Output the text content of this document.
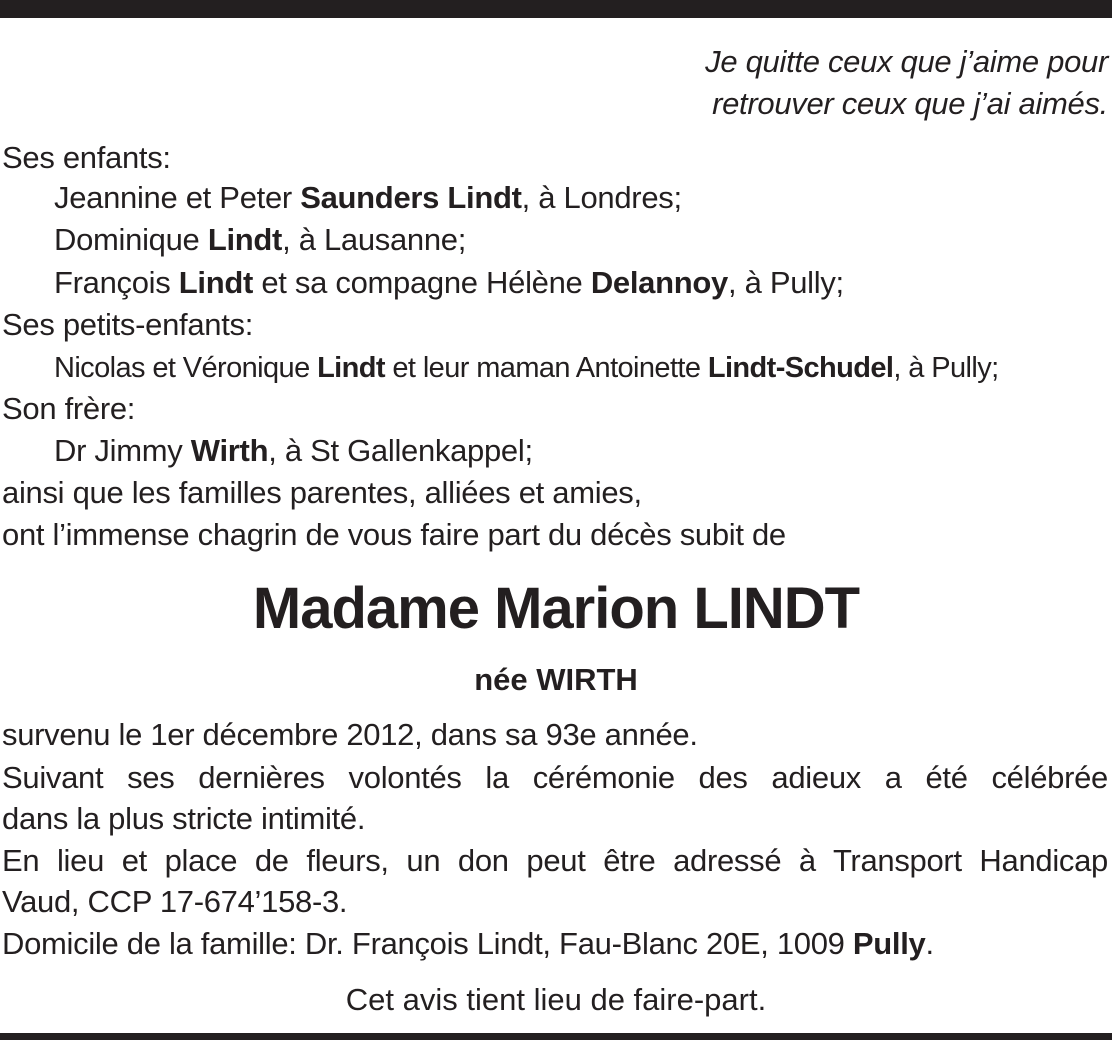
Je quitte ceux que j’aime pour
retrouver ceux que j’ai aimés.
Ses enfants:
Jeannine et Peter Saunders Lindt, à Londres;
Dominique Lindt, à Lausanne;
François Lindt et sa compagne Hélène Delannoy, à Pully;
Ses petits-enfants:
Nicolas et Véronique Lindt et leur maman Antoinette Lindt-Schudel, à Pully;
Son frère:
Dr Jimmy Wirth, à St Gallenkappel;
ainsi que les familles parentes, alliées et amies,
ont l’immense chagrin de vous faire part du décès subit de
Madame Marion LINDT
née WIRTH
survenu le 1er décembre 2012, dans sa 93e année.
Suivant ses dernières volontés la cérémonie des adieux a été célébrée
dans la plus stricte intimité.
En lieu et place de fleurs, un don peut être adressé à Transport Handicap
Vaud, CCP 17-674’158-3.
Domicile de la famille: Dr. François Lindt, Fau-Blanc 20E, 1009 Pully.
Cet avis tient lieu de faire-part.
